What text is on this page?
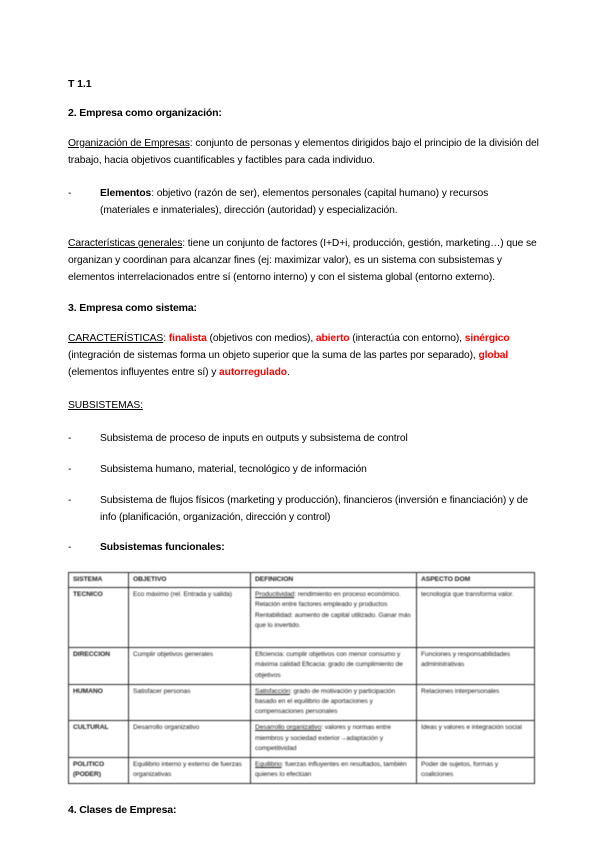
T 1.1
2. Empresa como organización:

Organización de Empresas: conjunto de personas y elementos dirigidos bajo el principio de la división del trabajo, hacia objetivos cuantificables y factibles para cada individuo.

-	Elementos: objetivo (razón de ser), elementos personales (capital humano) y recursos (materiales e inmateriales), dirección (autoridad) y especialización.

Características generales: tiene un conjunto de factores (I+D+i, producción, gestión, marketing…) que se organizan y coordinan para alcanzar fines (ej: maximizar valor), es un sistema con subsistemas y elementos interrelacionados entre sí (entorno interno) y con el sistema global (entorno externo).

3. Empresa como sistema:

CARACTERÍSTICAS: finalista (objetivos con medios), abierto (interactúa con entorno), sinérgico (integración de sistemas forma un objeto superior que la suma de las partes por separado), global (elementos influyentes entre sí) y autorregulado.

SUBSISTEMAS:

-	Subsistema de proceso de inputs en outputs y subsistema de control
-	Subsistema humano, material, tecnológico y de información
-	Subsistema de flujos físicos (marketing y producción), financieros (inversión e financiación) y de info (planificación, organización, dirección y control)
-	Subsistemas funcionales:
SISTEMA	OBJETIVO	DEFINICION	ASPECTO DOM
TECNICO	Eco máximo (rel. Entrada y salida)	Productividad: rendimiento en proceso económico. Relación entre factores empleado y productos Rentabilidad: aumento de capital utilizado. Ganar más que lo invertido.	tecnología que transforma valor.
DIRECCION	Cumplir objetivos generales	Eficiencia: cumplir objetivos con menor consumo y máxima calidad Eficacia: grado de cumplimiento de objetivos	Funciones y responsabilidades administrativas
HUMANO	Satisfacer personas	Satisfacción: grado de motivación y participación basado en el equilibrio de aportaciones y compensaciones personales	Relaciones interpersonales
CULTURAL	Desarrollo organizativo	Desarrollo organizativo: valores y normas entre miembros y sociedad exterior→adaptación y competitividad	Ideas y valores e integración social
POLITICO (PODER)	Equilibrio interno y externo de fuerzas organizativas	Equilibrio: fuerzas influyentes en resultados, también quienes lo efectúan	Poder de sujetos, formas y coaliciones
4. Clases de Empresa:
